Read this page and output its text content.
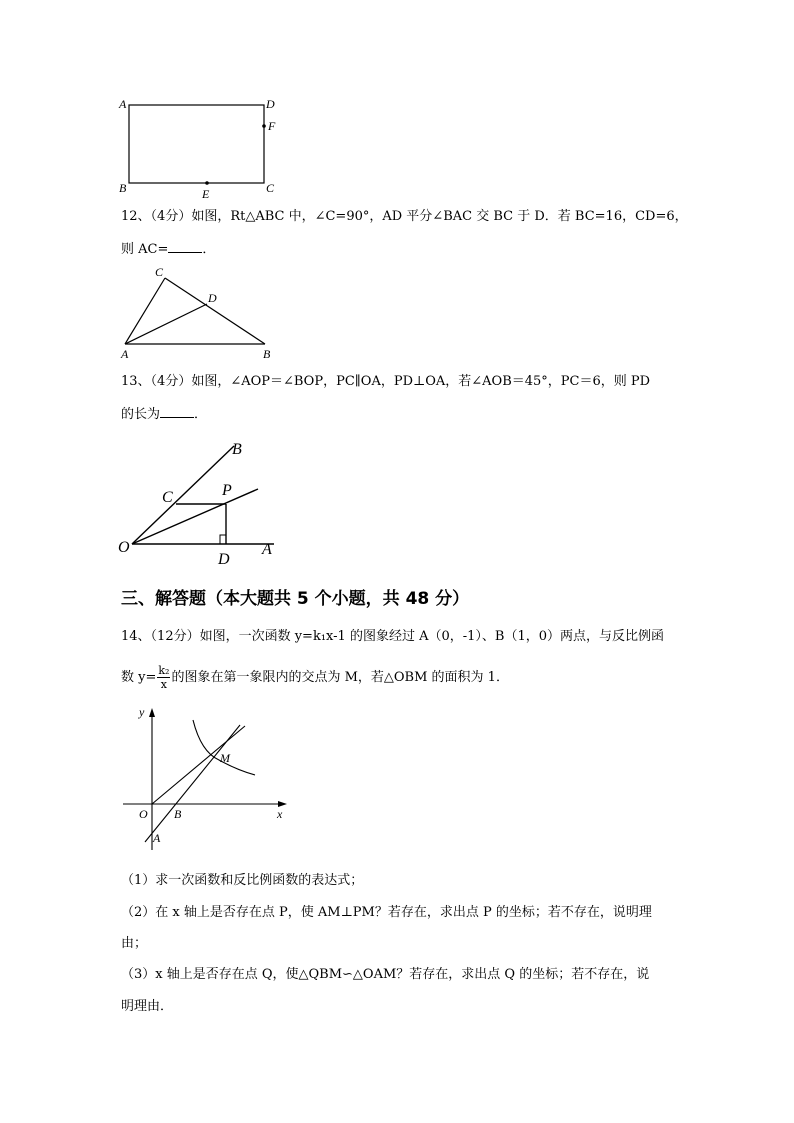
A	D
F
B	E	C
12、（4分）如图，Rt△ABC 中，∠C=90°，AD 平分∠BAC 交 BC 于 D．若 BC=16，CD=6，
则 AC=	．
C
D
A	B
13、（4分）如图，∠AOP＝∠BOP，PC∥OA，PD⊥OA，若∠AOB＝45°，PC＝6，则 PD
的长为	．
B
C	P
O
D
A
三、解答题（本大题共 5 个小题，共 48 分）
14、（12分）如图，一次函数 y=k₁x-1 的图象经过 A（0，-1）、B（1，0）两点，与反比例函
数 $y= \frac{\text{k₂}}{x}$ 的图象在第一象限内的交点为 M，若△OBM 的面积为 1．
y
M
O B	x
A
（1）求一次函数和反比例函数的表达式；
（2）在 x 轴上是否存在点 P，使 AM⊥PM？若存在，求出点 P 的坐标；若不存在，说明理
由；
（3）x 轴上是否存在点 Q，使△QBM∽△OAM？若存在，求出点 Q 的坐标；若不存在，说
明理由．
